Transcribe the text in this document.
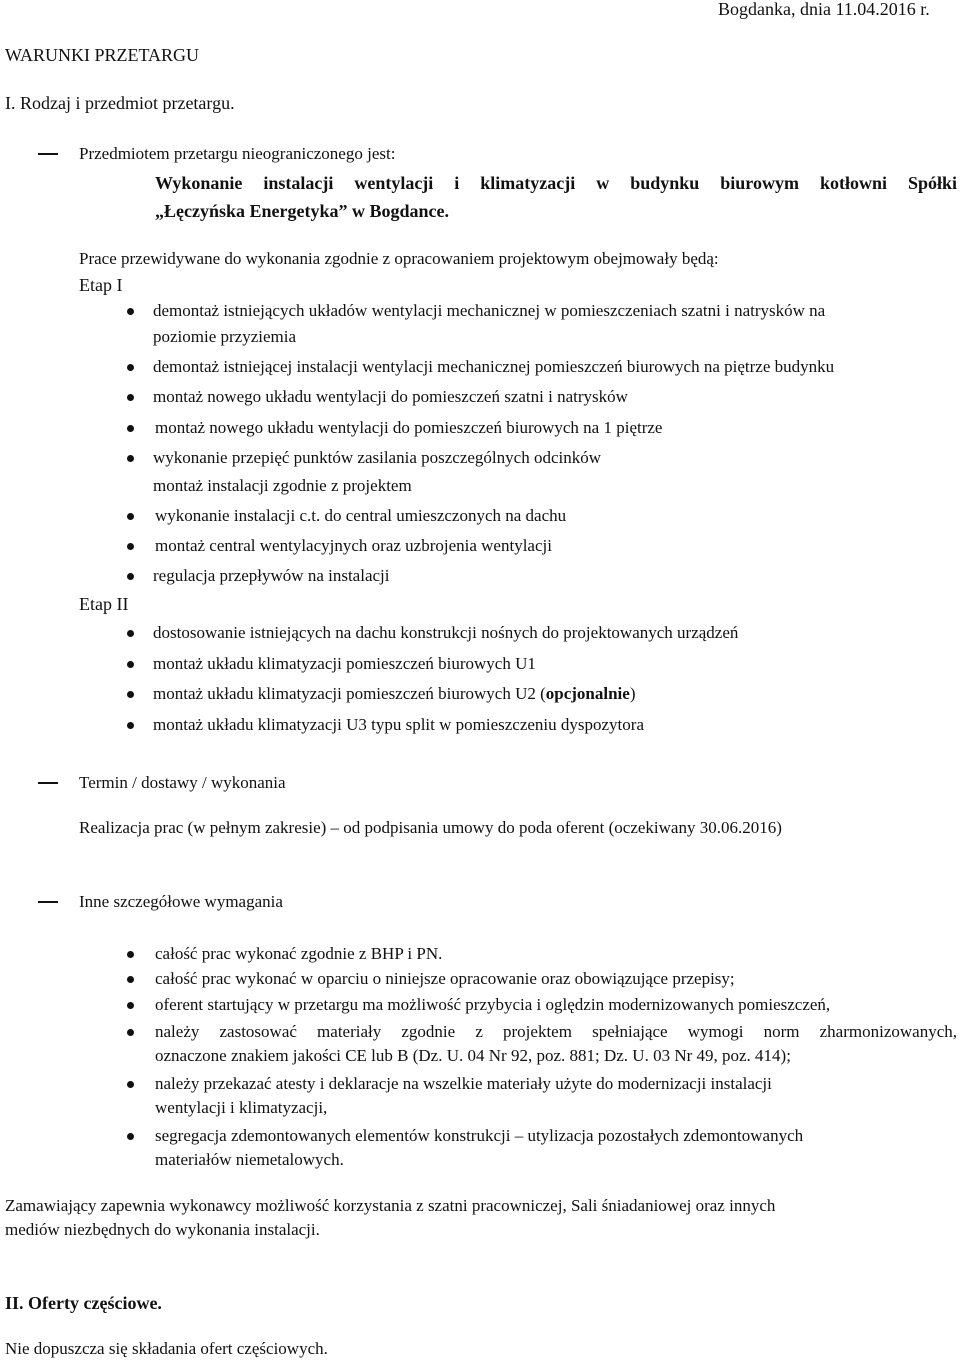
Bogdanka, dnia 11.04.2016 r.
WARUNKI PRZETARGU
I. Rodzaj i przedmiot przetargu.
Przedmiotem przetargu nieograniczonego jest:
Wykonanie instalacji wentylacji i klimatyzacji w budynku biurowym kotłowni Spółki
„Łęczyńska Energetyka” w Bogdance.
Prace przewidywane do wykonania zgodnie z opracowaniem projektowym obejmowały będą:
Etap I
demontaż istniejących układów wentylacji mechanicznej w pomieszczeniach szatni i natrysków na
poziomie przyziemia
demontaż istniejącej instalacji wentylacji mechanicznej pomieszczeń biurowych na piętrze budynku
montaż nowego układu wentylacji do pomieszczeń szatni i natrysków
montaż nowego układu wentylacji do pomieszczeń biurowych na 1 piętrze
wykonanie przepięć punktów zasilania poszczególnych odcinków
montaż instalacji zgodnie z projektem
wykonanie instalacji c.t. do central umieszczonych na dachu
montaż central wentylacyjnych oraz uzbrojenia wentylacji
regulacja przepływów na instalacji
Etap II
dostosowanie istniejących na dachu konstrukcji nośnych do projektowanych urządzeń
montaż układu klimatyzacji pomieszczeń biurowych U1
montaż układu klimatyzacji pomieszczeń biurowych U2 (opcjonalnie)
montaż układu klimatyzacji U3 typu split w pomieszczeniu dyspozytora
Termin / dostawy / wykonania
Realizacja prac (w pełnym zakresie) – od podpisania umowy do poda oferent (oczekiwany 30.06.2016)
Inne szczegółowe wymagania
całość prac wykonać zgodnie z BHP i PN.
całość prac wykonać w oparciu o niniejsze opracowanie oraz obowiązujące przepisy;
oferent startujący w przetargu ma możliwość przybycia i oględzin modernizowanych pomieszczeń,
należy zastosować materiały zgodnie z projektem spełniające wymogi norm zharmonizowanych,
oznaczone znakiem jakości CE lub B (Dz. U. 04 Nr 92, poz. 881; Dz. U. 03 Nr 49, poz. 414);
należy przekazać atesty i deklaracje na wszelkie materiały użyte do modernizacji instalacji
wentylacji i klimatyzacji,
segregacja zdemontowanych elementów konstrukcji – utylizacja pozostałych zdemontowanych
materiałów niemetalowych.
Zamawiający zapewnia wykonawcy możliwość korzystania z szatni pracowniczej, Sali śniadaniowej oraz innych
mediów niezbędnych do wykonania instalacji.
II. Oferty częściowe.
Nie dopuszcza się składania ofert częściowych.
